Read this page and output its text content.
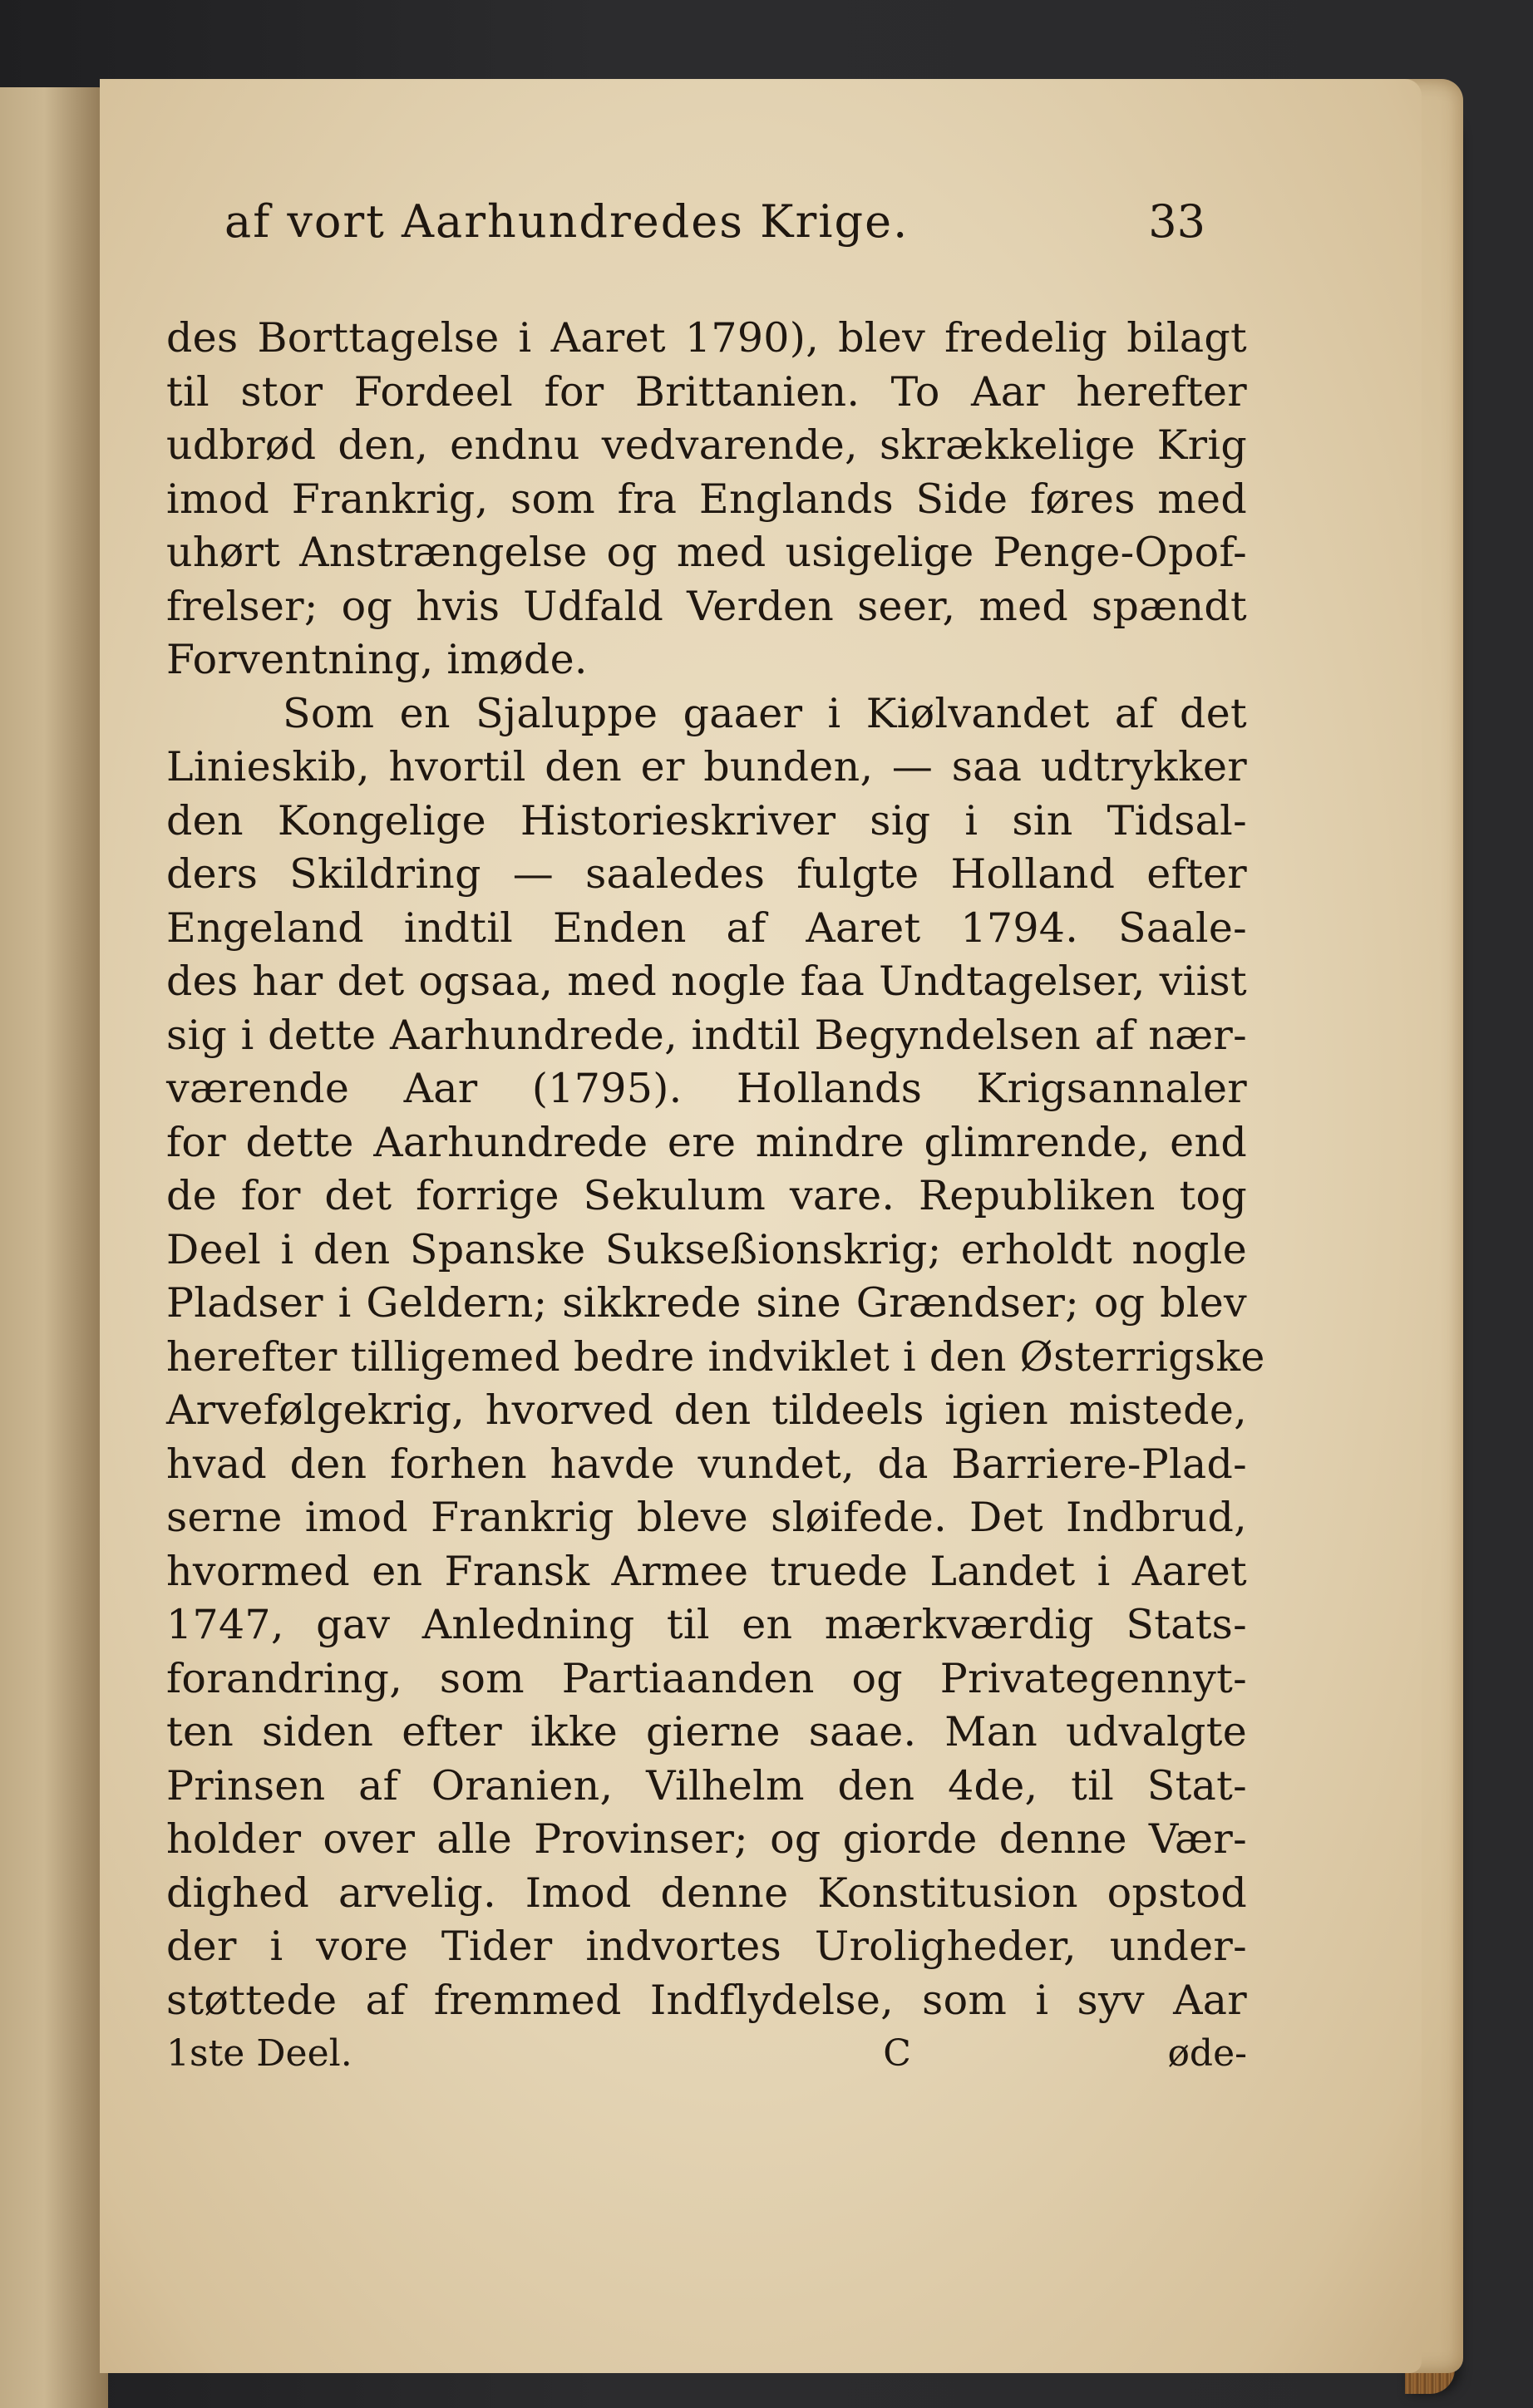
af vort Aarhundredes Krige.	33
des Borttagelse i Aaret 1790), blev fredelig bilagt
til stor Fordeel for Brittanien. To Aar herefter
udbrød den, endnu vedvarende, skrækkelige Krig
imod Frankrig, som fra Englands Side føres med
uhørt Anstrængelse og med usigelige Penge-Opof-
frelser; og hvis Udfald Verden seer, med spændt
Forventning, imøde.
Som en Sjaluppe gaaer i Kiølvandet af det
Linieskib, hvortil den er bunden, — saa udtrykker
den Kongelige Historieskriver sig i sin Tidsal-
ders Skildring — saaledes fulgte Holland efter
Engeland indtil Enden af Aaret 1794. Saale-
des har det ogsaa, med nogle faa Undtagelser, viist
sig i dette Aarhundrede, indtil Begyndelsen af nær-
værende Aar (1795). Hollands Krigsannaler
for dette Aarhundrede ere mindre glimrende, end
de for det forrige Sekulum vare. Republiken tog
Deel i den Spanske Sukseßionskrig; erholdt nogle
Pladser i Geldern; sikkrede sine Grændser; og blev
herefter tilligemed bedre indviklet i den Østerrigske
Arvefølgekrig, hvorved den tildeels igien mistede,
hvad den forhen havde vundet, da Barriere-Plad-
serne imod Frankrig bleve sløifede. Det Indbrud,
hvormed en Fransk Armee truede Landet i Aaret
1747, gav Anledning til en mærkværdig Stats-
forandring, som Partiaanden og Privategennyt-
ten siden efter ikke gierne saae. Man udvalgte
Prinsen af Oranien, Vilhelm den 4de, til Stat-
holder over alle Provinser; og giorde denne Vær-
dighed arvelig. Imod denne Konstitusion opstod
der i vore Tider indvortes Uroligheder, under-
støttede af fremmed Indflydelse, som i syv Aar
1ste Deel.	C	øde-
